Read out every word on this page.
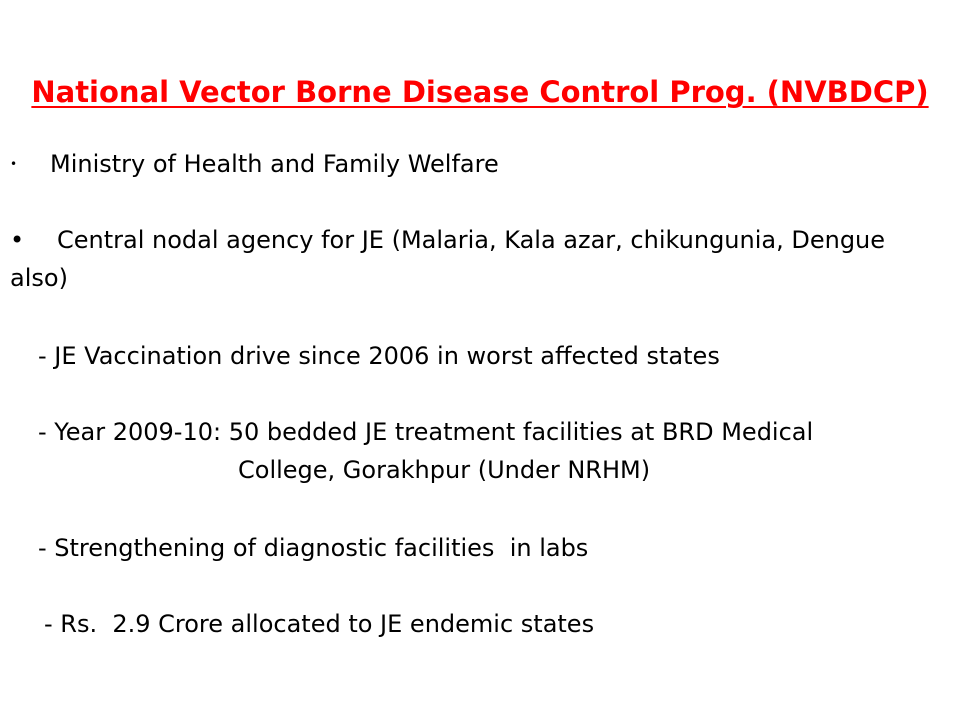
National Vector Borne Disease Control Prog. (NVBDCP)
• Ministry of Health and Family Welfare
• Central nodal agency for JE (Malaria, Kala azar, chikungunia, Dengue
also)
- JE Vaccination drive since 2006 in worst affected states
- Year 2009-10: 50 bedded JE treatment facilities at BRD Medical
College, Gorakhpur (Under NRHM)
- Strengthening of diagnostic facilities  in labs
- Rs.  2.9 Crore allocated to JE endemic states
